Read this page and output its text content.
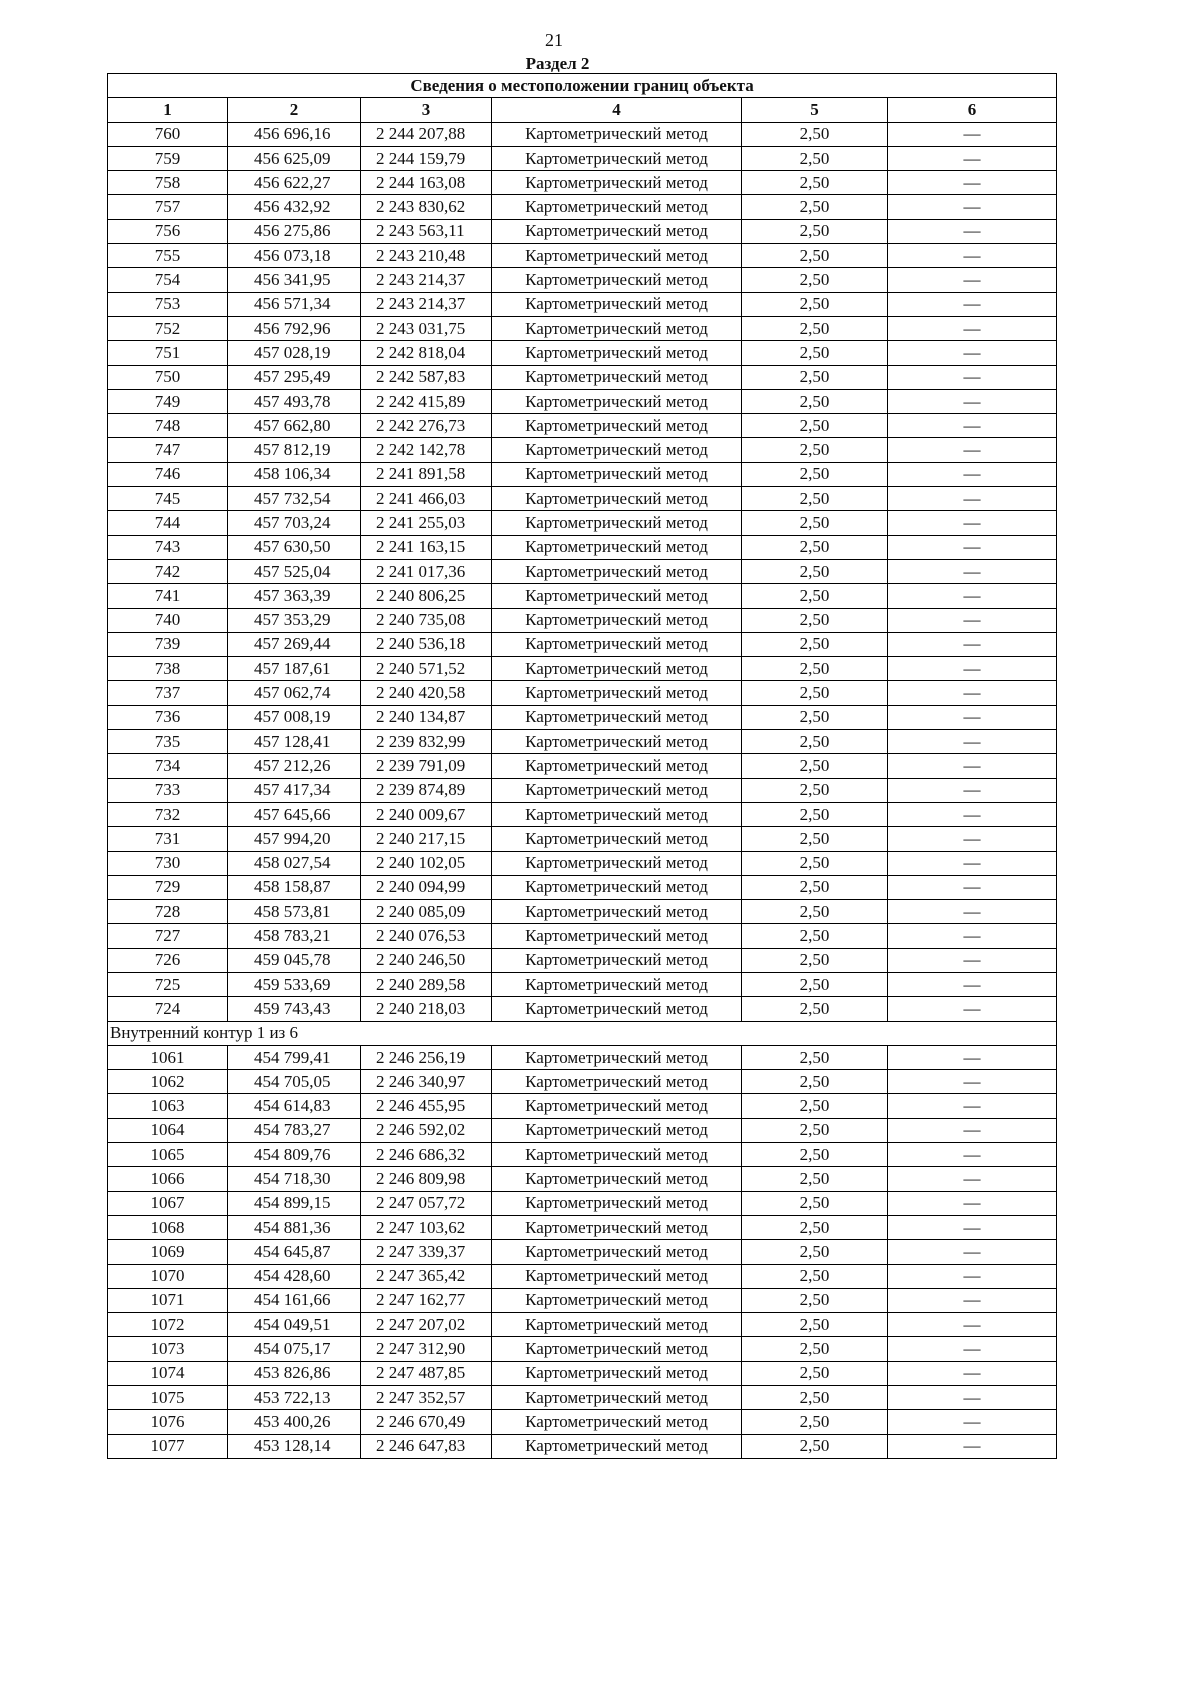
21
Раздел 2
Сведения о местоположении границ объекта					
1	2	3	4	5	6
760	456 696,16	2 244 207,88	Картометрический метод	2,50	—
759	456 625,09	2 244 159,79	Картометрический метод	2,50	—
758	456 622,27	2 244 163,08	Картометрический метод	2,50	—
757	456 432,92	2 243 830,62	Картометрический метод	2,50	—
756	456 275,86	2 243 563,11	Картометрический метод	2,50	—
755	456 073,18	2 243 210,48	Картометрический метод	2,50	—
754	456 341,95	2 243 214,37	Картометрический метод	2,50	—
753	456 571,34	2 243 214,37	Картометрический метод	2,50	—
752	456 792,96	2 243 031,75	Картометрический метод	2,50	—
751	457 028,19	2 242 818,04	Картометрический метод	2,50	—
750	457 295,49	2 242 587,83	Картометрический метод	2,50	—
749	457 493,78	2 242 415,89	Картометрический метод	2,50	—
748	457 662,80	2 242 276,73	Картометрический метод	2,50	—
747	457 812,19	2 242 142,78	Картометрический метод	2,50	—
746	458 106,34	2 241 891,58	Картометрический метод	2,50	—
745	457 732,54	2 241 466,03	Картометрический метод	2,50	—
744	457 703,24	2 241 255,03	Картометрический метод	2,50	—
743	457 630,50	2 241 163,15	Картометрический метод	2,50	—
742	457 525,04	2 241 017,36	Картометрический метод	2,50	—
741	457 363,39	2 240 806,25	Картометрический метод	2,50	—
740	457 353,29	2 240 735,08	Картометрический метод	2,50	—
739	457 269,44	2 240 536,18	Картометрический метод	2,50	—
738	457 187,61	2 240 571,52	Картометрический метод	2,50	—
737	457 062,74	2 240 420,58	Картометрический метод	2,50	—
736	457 008,19	2 240 134,87	Картометрический метод	2,50	—
735	457 128,41	2 239 832,99	Картометрический метод	2,50	—
734	457 212,26	2 239 791,09	Картометрический метод	2,50	—
733	457 417,34	2 239 874,89	Картометрический метод	2,50	—
732	457 645,66	2 240 009,67	Картометрический метод	2,50	—
731	457 994,20	2 240 217,15	Картометрический метод	2,50	—
730	458 027,54	2 240 102,05	Картометрический метод	2,50	—
729	458 158,87	2 240 094,99	Картометрический метод	2,50	—
728	458 573,81	2 240 085,09	Картометрический метод	2,50	—
727	458 783,21	2 240 076,53	Картометрический метод	2,50	—
726	459 045,78	2 240 246,50	Картометрический метод	2,50	—
725	459 533,69	2 240 289,58	Картометрический метод	2,50	—
724	459 743,43	2 240 218,03	Картометрический метод	2,50	—
Внутренний контур 1 из 6					
1061	454 799,41	2 246 256,19	Картометрический метод	2,50	—
1062	454 705,05	2 246 340,97	Картометрический метод	2,50	—
1063	454 614,83	2 246 455,95	Картометрический метод	2,50	—
1064	454 783,27	2 246 592,02	Картометрический метод	2,50	—
1065	454 809,76	2 246 686,32	Картометрический метод	2,50	—
1066	454 718,30	2 246 809,98	Картометрический метод	2,50	—
1067	454 899,15	2 247 057,72	Картометрический метод	2,50	—
1068	454 881,36	2 247 103,62	Картометрический метод	2,50	—
1069	454 645,87	2 247 339,37	Картометрический метод	2,50	—
1070	454 428,60	2 247 365,42	Картометрический метод	2,50	—
1071	454 161,66	2 247 162,77	Картометрический метод	2,50	—
1072	454 049,51	2 247 207,02	Картометрический метод	2,50	—
1073	454 075,17	2 247 312,90	Картометрический метод	2,50	—
1074	453 826,86	2 247 487,85	Картометрический метод	2,50	—
1075	453 722,13	2 247 352,57	Картометрический метод	2,50	—
1076	453 400,26	2 246 670,49	Картометрический метод	2,50	—
1077	453 128,14	2 246 647,83	Картометрический метод	2,50	—
